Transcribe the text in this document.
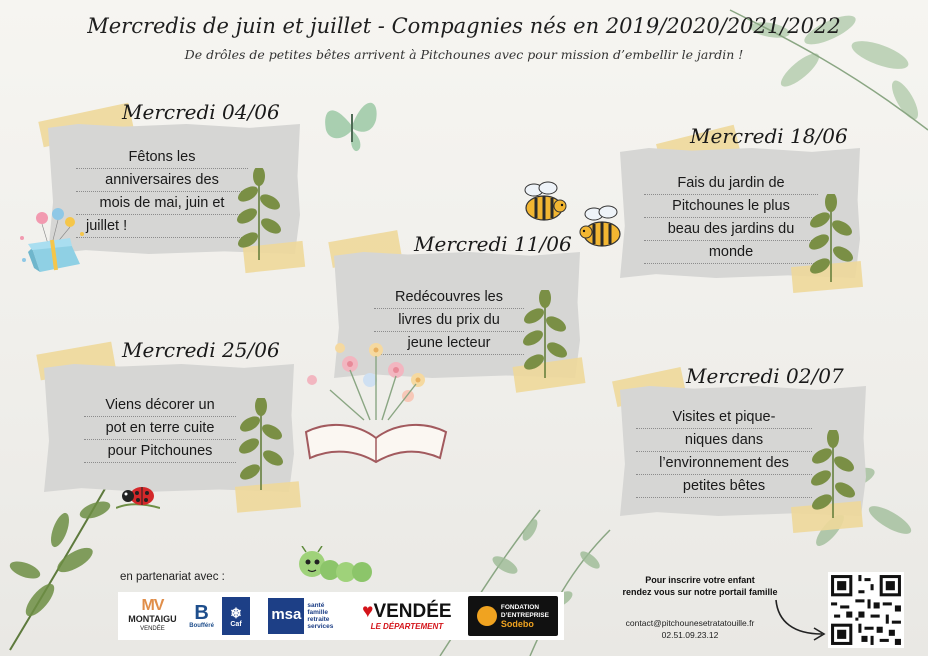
Mercredis de juin et juillet - Compagnies nés en 2019/2020/2021/2022
De drôles de petites bêtes arrivent à Pitchounes avec pour mission d’embellir le jardin !
Mercredi 04/06
Fêtons les
anniversaires des
mois de mai, juin et
juillet !
Mercredi 11/06
Redécouvres les
livres du prix du
jeune lecteur
Mercredi 18/06
Fais du jardin de
Pitchounes le plus
beau des jardins du
monde
Mercredi 25/06
Viens décorer un
pot en terre cuite
pour Pitchounes
Mercredi 02/07
Visites et pique-
niques dans
l’environnement des
petites bêtes
en partenariat avec :
MV
MONTAIGU
VENDÉE
B
Boufféré
❄
Caf
msa
santé
famille
retraite
services
♥VENDÉE
LE DÉPARTEMENT
FONDATION
D’ENTREPRISE
Sodebo
Pour inscrire votre enfant
rendez vous sur notre portail famille
contact@pitchounesetratatouille.fr
02.51.09.23.12
